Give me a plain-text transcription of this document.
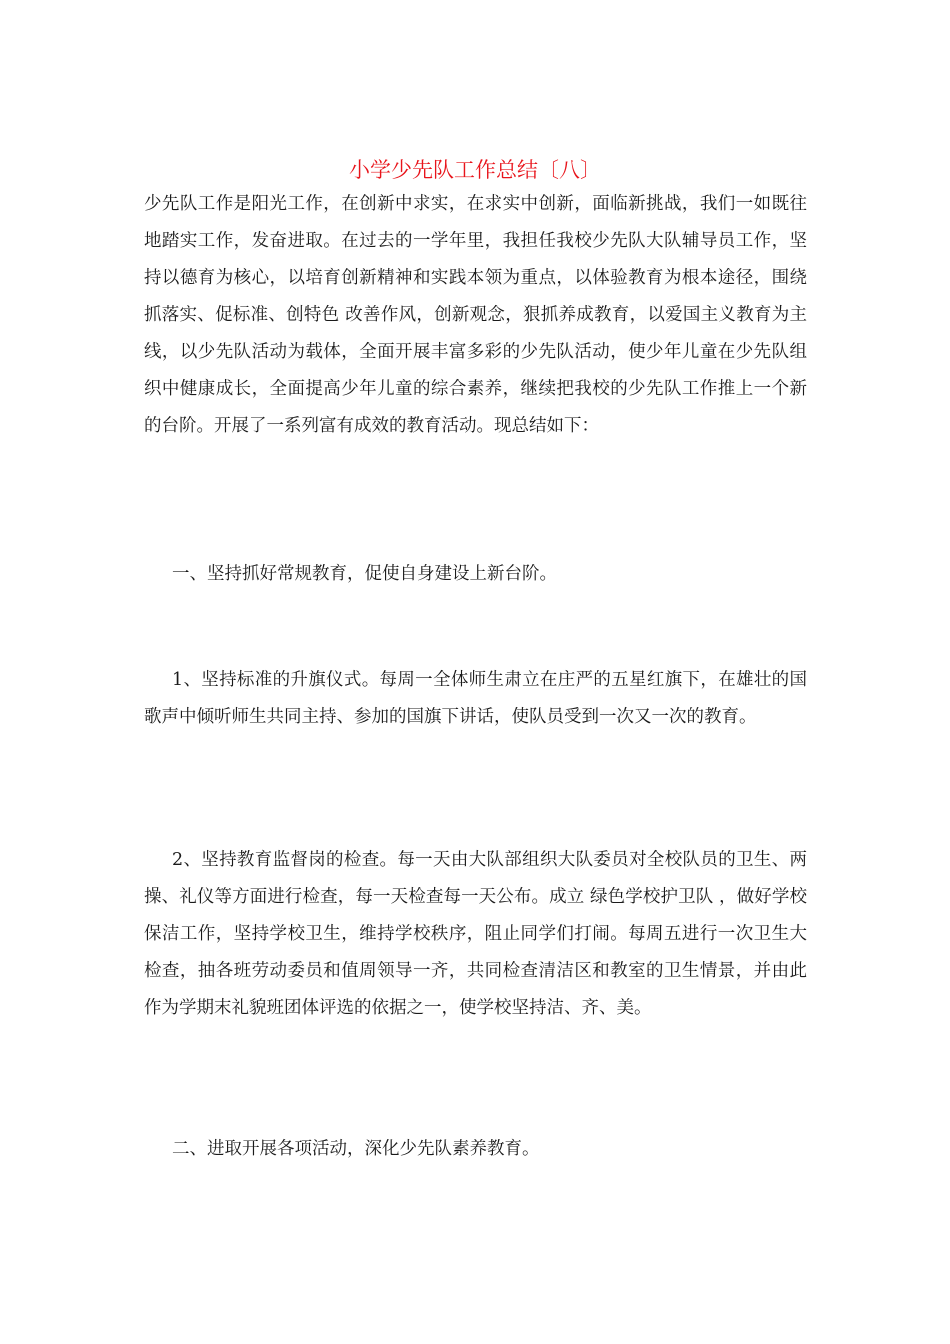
小学少先队工作总结〔八〕

少先队工作是阳光工作，在创新中求实，在求实中创新，面临新挑战，我们一如既往地踏实工作，发奋进取。在过去的一学年里，我担任我校少先队大队辅导员工作，坚持以德育为核心，以培育创新精神和实践本领为重点，以体验教育为根本途径，围绕 抓落实、促标准、创特色 改善作风，创新观念，狠抓养成教育，以爱国主义教育为主线，以少先队活动为载体，全面开展丰富多彩的少先队活动，使少年儿童在少先队组织中健康成长，全面提高少年儿童的综合素养，继续把我校的少先队工作推上一个新的台阶。开展了一系列富有成效的教育活动。现总结如下：

一、坚持抓好常规教育，促使自身建设上新台阶。

1、坚持标准的升旗仪式。每周一全体师生肃立在庄严的五星红旗下，在雄壮的国歌声中倾听师生共同主持、参加的国旗下讲话，使队员受到一次又一次的教育。

2、坚持教育监督岗的检查。每一天由大队部组织大队委员对全校队员的卫生、两操、礼仪等方面进行检查，每一天检查每一天公布。成立 绿色学校护卫队 ，做好学校保洁工作，坚持学校卫生，维持学校秩序，阻止同学们打闹。每周五进行一次卫生大检查，抽各班劳动委员和值周领导一齐，共同检查清洁区和教室的卫生情景，并由此作为学期末礼貌班团体评选的依据之一，使学校坚持洁、齐、美。

二、进取开展各项活动，深化少先队素养教育。
